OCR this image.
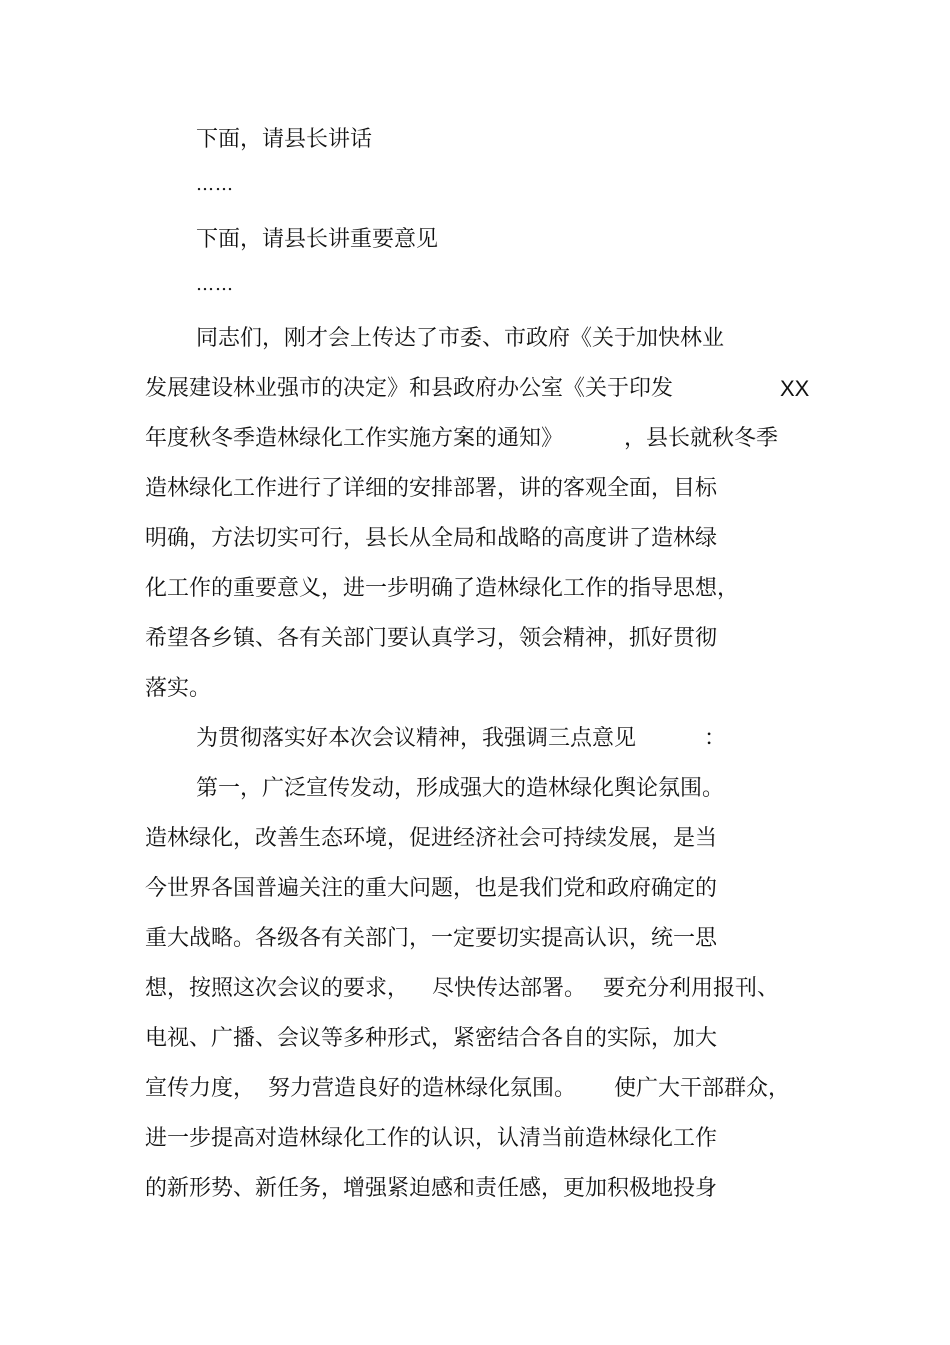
下面，请县长讲话
……
下面，请县长讲重要意见
……
同志们，刚才会上传达了市委、市政府《关于加快林业
发展建设林业强市的决定》和县政府办公室《关于印发	XX
年度秋冬季造林绿化工作实施方案的通知》	，县长就秋冬季
造林绿化工作进行了详细的安排部署，讲的客观全面，目标
明确，方法切实可行，县长从全局和战略的高度讲了造林绿
化工作的重要意义，进一步明确了造林绿化工作的指导思想，
希望各乡镇、各有关部门要认真学习，领会精神，抓好贯彻
落实。
为贯彻落实好本次会议精神，我强调三点意见	：
第一，广泛宣传发动，形成强大的造林绿化舆论氛围。
造林绿化，改善生态环境，促进经济社会可持续发展，是当
今世界各国普遍关注的重大问题，也是我们党和政府确定的
重大战略。各级各有关部门，一定要切实提高认识，统一思
想，按照这次会议的要求， 尽快传达部署。 要充分利用报刊、
电视、广播、会议等多种形式，紧密结合各自的实际，加大
宣传力度， 努力营造良好的造林绿化氛围。 使广大干部群众，
进一步提高对造林绿化工作的认识，认清当前造林绿化工作
的新形势、新任务，增强紧迫感和责任感，更加积极地投身
